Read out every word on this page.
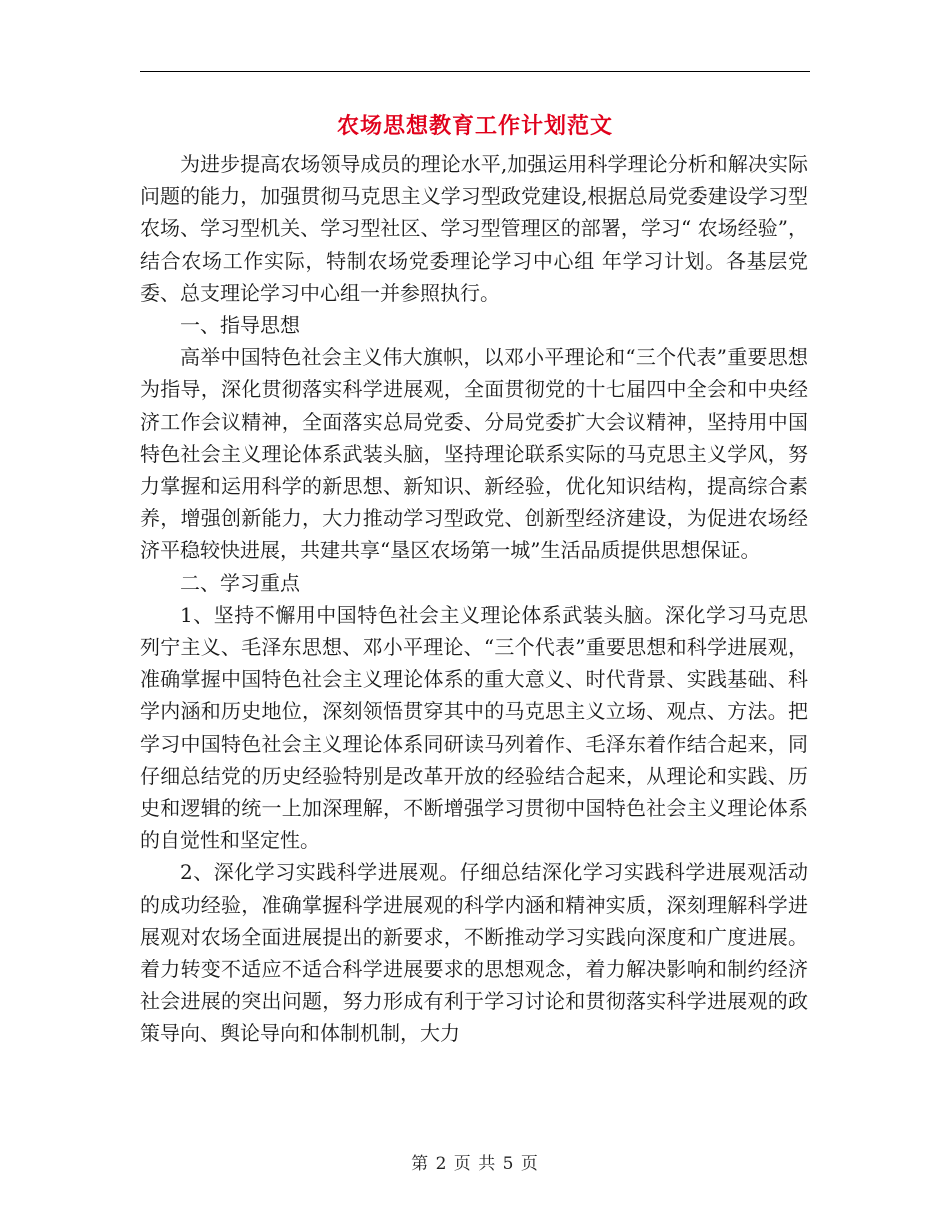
农场思想教育工作计划范文

为进步提高农场领导成员的理论水平,加强运用科学理论分析和解决实际问题的能力，加强贯彻马克思主义学习型政党建设,根据总局党委建设学习型农场、学习型机关、学习型社区、学习型管理区的部署，学习“ 农场经验”，结合农场工作实际，特制农场党委理论学习中心组 年学习计划。各基层党委、总支理论学习中心组一并参照执行。

一、指导思想

高举中国特色社会主义伟大旗帜，以邓小平理论和“三个代表”重要思想为指导，深化贯彻落实科学进展观，全面贯彻党的十七届四中全会和中央经济工作会议精神，全面落实总局党委、分局党委扩大会议精神，坚持用中国特色社会主义理论体系武装头脑，坚持理论联系实际的马克思主义学风，努力掌握和运用科学的新思想、新知识、新经验，优化知识结构，提高综合素养，增强创新能力，大力推动学习型政党、创新型经济建设，为促进农场经济平稳较快进展，共建共享“垦区农场第一城”生活品质提供思想保证。

二、学习重点

1、坚持不懈用中国特色社会主义理论体系武装头脑。深化学习马克思列宁主义、毛泽东思想、邓小平理论、“三个代表”重要思想和科学进展观，准确掌握中国特色社会主义理论体系的重大意义、时代背景、实践基础、科学内涵和历史地位，深刻领悟贯穿其中的马克思主义立场、观点、方法。把学习中国特色社会主义理论体系同研读马列着作、毛泽东着作结合起来，同仔细总结党的历史经验特别是改革开放的经验结合起来，从理论和实践、历史和逻辑的统一上加深理解，不断增强学习贯彻中国特色社会主义理论体系的自觉性和坚定性。

2、深化学习实践科学进展观。仔细总结深化学习实践科学进展观活动的成功经验，准确掌握科学进展观的科学内涵和精神实质，深刻理解科学进展观对农场全面进展提出的新要求，不断推动学习实践向深度和广度进展。着力转变不适应不适合科学进展要求的思想观念，着力解决影响和制约经济社会进展的突出问题，努力形成有利于学习讨论和贯彻落实科学进展观的政策导向、舆论导向和体制机制，大力

第 2 页 共 5 页
